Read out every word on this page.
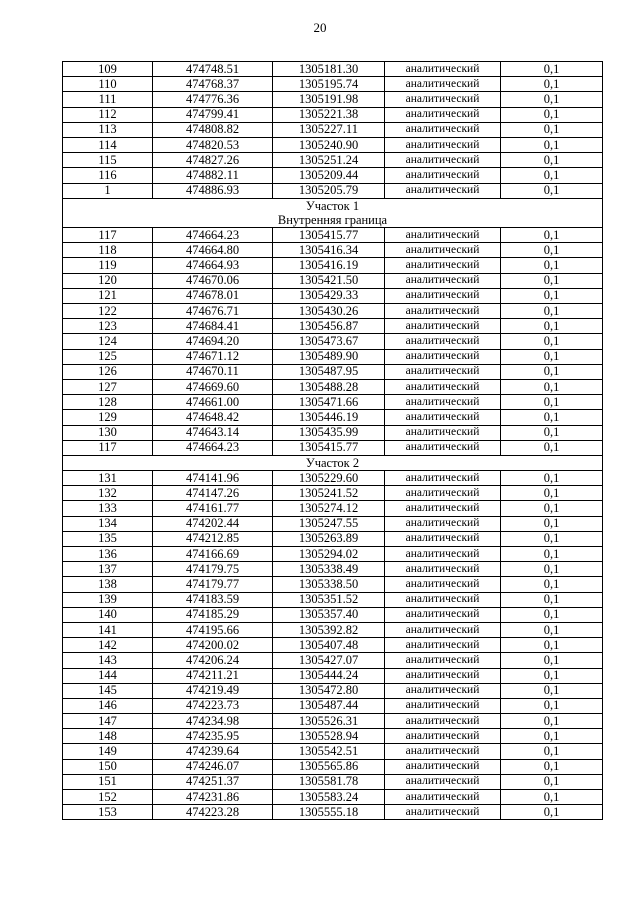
20
109	474748.51	1305181.30	аналитический	0,1
110	474768.37	1305195.74	аналитический	0,1
111	474776.36	1305191.98	аналитический	0,1
112	474799.41	1305221.38	аналитический	0,1
113	474808.82	1305227.11	аналитический	0,1
114	474820.53	1305240.90	аналитический	0,1
115	474827.26	1305251.24	аналитический	0,1
116	474882.11	1305209.44	аналитический	0,1
1	474886.93	1305205.79	аналитический	0,1
Участок 1				
Внутренняя граница				
117	474664.23	1305415.77	аналитический	0,1
118	474664.80	1305416.34	аналитический	0,1
119	474664.93	1305416.19	аналитический	0,1
120	474670.06	1305421.50	аналитический	0,1
121	474678.01	1305429.33	аналитический	0,1
122	474676.71	1305430.26	аналитический	0,1
123	474684.41	1305456.87	аналитический	0,1
124	474694.20	1305473.67	аналитический	0,1
125	474671.12	1305489.90	аналитический	0,1
126	474670.11	1305487.95	аналитический	0,1
127	474669.60	1305488.28	аналитический	0,1
128	474661.00	1305471.66	аналитический	0,1
129	474648.42	1305446.19	аналитический	0,1
130	474643.14	1305435.99	аналитический	0,1
117	474664.23	1305415.77	аналитический	0,1
Участок 2				
131	474141.96	1305229.60	аналитический	0,1
132	474147.26	1305241.52	аналитический	0,1
133	474161.77	1305274.12	аналитический	0,1
134	474202.44	1305247.55	аналитический	0,1
135	474212.85	1305263.89	аналитический	0,1
136	474166.69	1305294.02	аналитический	0,1
137	474179.75	1305338.49	аналитический	0,1
138	474179.77	1305338.50	аналитический	0,1
139	474183.59	1305351.52	аналитический	0,1
140	474185.29	1305357.40	аналитический	0,1
141	474195.66	1305392.82	аналитический	0,1
142	474200.02	1305407.48	аналитический	0,1
143	474206.24	1305427.07	аналитический	0,1
144	474211.21	1305444.24	аналитический	0,1
145	474219.49	1305472.80	аналитический	0,1
146	474223.73	1305487.44	аналитический	0,1
147	474234.98	1305526.31	аналитический	0,1
148	474235.95	1305528.94	аналитический	0,1
149	474239.64	1305542.51	аналитический	0,1
150	474246.07	1305565.86	аналитический	0,1
151	474251.37	1305581.78	аналитический	0,1
152	474231.86	1305583.24	аналитический	0,1
153	474223.28	1305555.18	аналитический	0,1
